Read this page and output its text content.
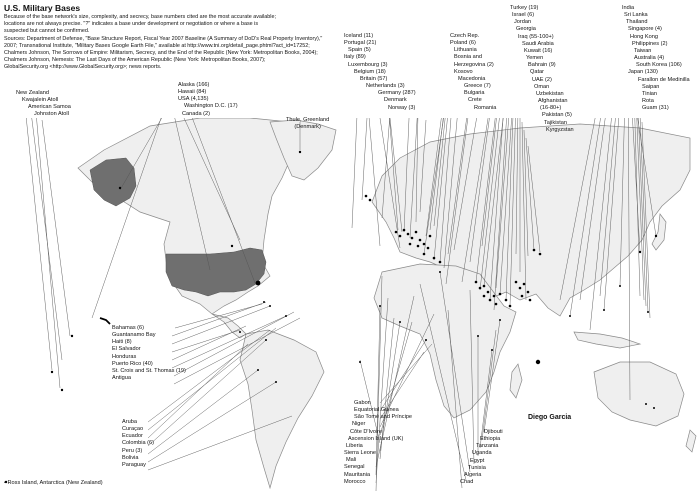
U.S. Military Bases
Because of the base network's size, complexity, and secrecy, base numbers cited are the most accurate available;
locations are not always precise. "?" indicates a base under development or negotiation or where a base is
suspected but cannot be confirmed.
Sources: Department of Defense, "Base Structure Report, Fiscal Year 2007 Baseline (A Summary of DoD's Real Property Inventory),"
2007; Transnational Institute, "Military Bases Google Earth File," available at http://www.tni.org/detail_page.phtml?act_id=17252;
Chalmers Johnson, The Sorrows of Empire: Militarism, Secrecy, and the End of the Republic (New York: Metropolitan Books, 2004);
Chalmers Johnson, Nemesis: The Last Days of the American Republic (New York: Metropolitan Books, 2007);
GlobalSecurity.org <http://www.GlobalSecurity.org>; news reports.
New Zealand
Kwajalein Atoll
American Samoa
Johnston Atoll
Alaska (166)
Hawaii (84)
USA (4,135)
Washington D.C. (17)
Canada (2)
Thule, Greenland
(Denmark)
Iceland (11)
Portugal (21)
Spain (5)
Italy (89)
Luxembourg (3)
Belgium (18)
Britain (57)
Netherlands (3)
Germany (287)
Denmark
Norway (3)
Czech Rep.
Poland (6)
Lithuania
Bosnia and
Herzegovina (2)
Kosovo
Macedonia
Greece (7)
Bulgaria
Crete
Romania
Turkey (19)
Israel (6)
Jordan
Georgia
Iraq (55-100+)
Saudi Arabia
Kuwait (16)
Yemen
Bahrain (9)
Qatar
UAE (2)
Oman
Uzbekistan
Afghanistan
(16-80+)
Pakistan (5)
Tajikistan
Kyrgyzstan
India
Sri Lanka
Thailand
Singapore (4)
Hong Kong
Philippines (2)
Taiwan
Australia (4)
South Korea (106)
Japan (130)
Farallon de Medinilla
Saipan
Tinian
Rota
Guam (31)
Bahamas (6)
Guantanamo Bay
Haiti (8)
El Salvador
Honduras
Puerto Rico (40)
St. Croix and St. Thomas (19)
Antigua
Aruba
Curaçao
Ecuador
Colombia (6)
Peru (3)
Bolivia
Paraguay
Gabon
Equatorial Guinea
São Tomé and Príncipe
Niger
Côte D'Ivoire
Ascension Island (UK)
Liberia
Sierra Leone
Mali
Senegal
Mauritania
Morocco
Djibouti
Ethiopia
Tanzania
Uganda
Egypt
Tunisia
Algeria
Chad
Diego Garcia
• Ross Island, Antarctica (New Zealand)
